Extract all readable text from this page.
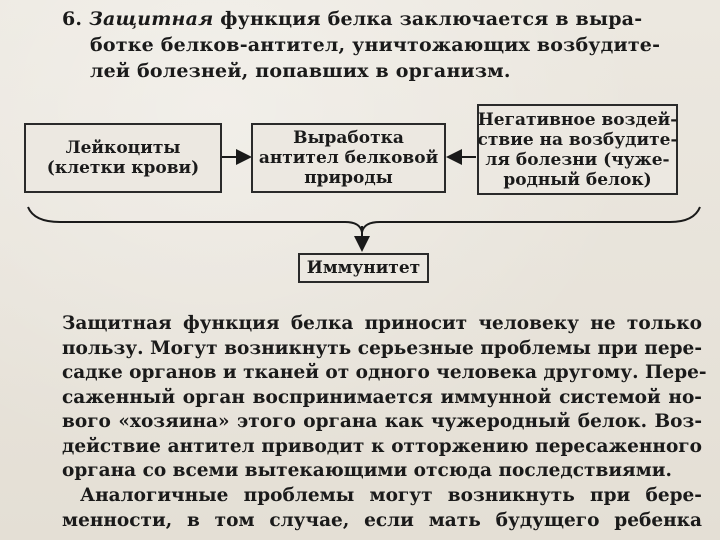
6. Защитная функция белка заключается в выра-
ботке белков-антител, уничтожающих возбудите-
лей болезней, попавших в организм.
Лейкоциты
(клетки крови)
Выработка
антител белковой
природы
Негативное воздей-
ствие на возбудите-
ля болезни (чуже-
родный белок)
Иммунитет
Защитная функция белка приносит человеку не только
пользу. Могут возникнуть серьезные проблемы при пере-
садке органов и тканей от одного человека другому. Пере-
саженный орган воспринимается иммунной системой но-
вого «хозяина» этого органа как чужеродный белок. Воз-
действие антител приводит к отторжению пересаженного
органа со всеми вытекающими отсюда последствиями.
Аналогичные проблемы могут возникнуть при бере-
менности, в том случае, если мать будущего ребенка
